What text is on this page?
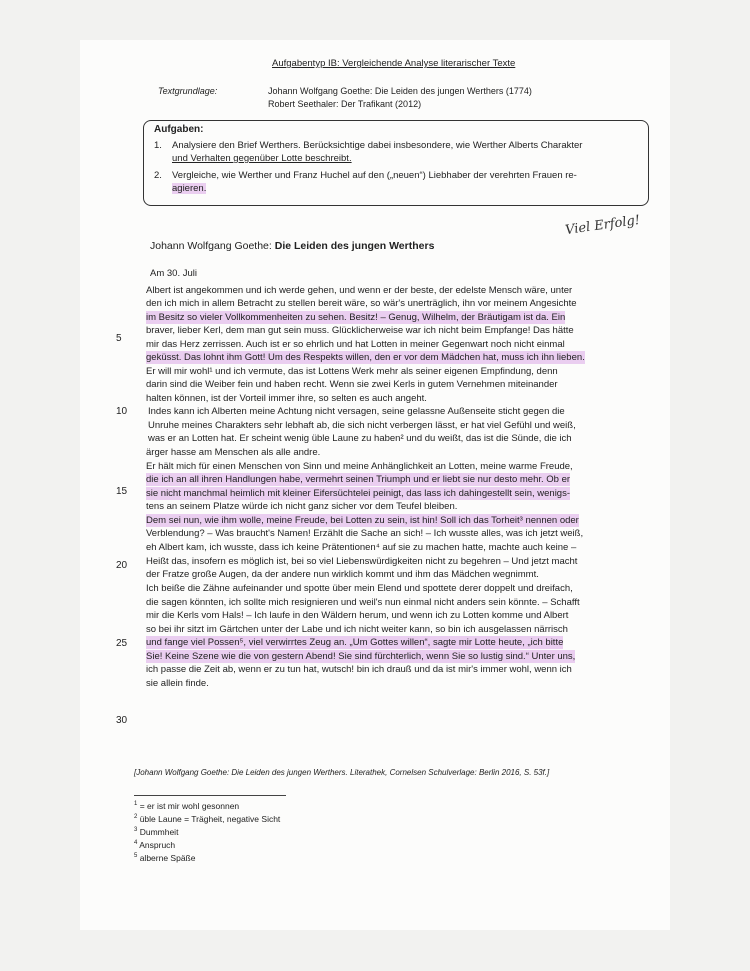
Aufgabentyp IB: Vergleichende Analyse literarischer Texte
Textgrundlage:	Johann Wolfgang Goethe: Die Leiden des jungen Werthers (1774)
Robert Seethaler: Der Trafikant (2012)
Aufgaben:
1. Analysiere den Brief Werthers. Berücksichtige dabei insbesondere, wie Werther Alberts Charakter
und Verhalten gegenüber Lotte beschreibt.
2. Vergleiche, wie Werther und Franz Huchel auf den („neuen“) Liebhaber der verehrten Frauen re-
agieren.
Viel Erfolg!
Johann Wolfgang Goethe: Die Leiden des jungen Werthers
Am 30. Juli
Albert ist angekommen und ich werde gehen, und wenn er der beste, der edelste Mensch wäre, unter
den ich mich in allem Betracht zu stellen bereit wäre, so wär's unerträglich, ihn vor meinem Angesichte
im Besitz so vieler Vollkommenheiten zu sehen. Besitz! – Genug, Wilhelm, der Bräutigam ist da. Ein
braver, lieber Kerl, dem man gut sein muss. Glücklicherweise war ich nicht beim Empfange! Das hätte
mir das Herz zerrissen. Auch ist er so ehrlich und hat Lotten in meiner Gegenwart noch nicht einmal
geküsst. Das lohnt ihm Gott! Um des Respekts willen, den er vor dem Mädchen hat, muss ich ihn lieben.
Er will mir wohl¹ und ich vermute, das ist Lottens Werk mehr als seiner eigenen Empfindung, denn
darin sind die Weiber fein und haben recht. Wenn sie zwei Kerls in gutem Vernehmen miteinander
halten können, ist der Vorteil immer ihre, so selten es auch angeht.
Indes kann ich Alberten meine Achtung nicht versagen, seine gelassne Außenseite sticht gegen die
Unruhe meines Charakters sehr lebhaft ab, die sich nicht verbergen lässt, er hat viel Gefühl und weiß,
was er an Lotten hat. Er scheint wenig üble Laune zu haben² und du weißt, das ist die Sünde, die ich
ärger hasse am Menschen als alle andre.
Er hält mich für einen Menschen von Sinn und meine Anhänglichkeit an Lotten, meine warme Freude,
die ich an all ihren Handlungen habe, vermehrt seinen Triumph und er liebt sie nur desto mehr. Ob er
sie nicht manchmal heimlich mit kleiner Eifersüchtelei peinigt, das lass ich dahingestellt sein, wenigs-
tens an seinem Platze würde ich nicht ganz sicher vor dem Teufel bleiben.
Dem sei nun, wie ihm wolle, meine Freude, bei Lotten zu sein, ist hin! Soll ich das Torheit³ nennen oder
Verblendung? – Was braucht's Namen! Erzählt die Sache an sich! – Ich wusste alles, was ich jetzt weiß,
eh Albert kam, ich wusste, dass ich keine Prätentionen⁴ auf sie zu machen hatte, machte auch keine –
Heißt das, insofern es möglich ist, bei so viel Liebenswürdigkeiten nicht zu begehren – Und jetzt macht
der Fratze große Augen, da der andere nun wirklich kommt und ihm das Mädchen wegnimmt.
Ich beiße die Zähne aufeinander und spotte über mein Elend und spottete derer doppelt und dreifach,
die sagen könnten, ich sollte mich resignieren und weil's nun einmal nicht anders sein könnte. – Schafft
mir die Kerls vom Hals! – Ich laufe in den Wäldern herum, und wenn ich zu Lotten komme und Albert
so bei ihr sitzt im Gärtchen unter der Labe und ich nicht weiter kann, so bin ich ausgelassen närrisch
und fange viel Possen⁵, viel verwirrtes Zeug an. „Um Gottes willen“, sagte mir Lotte heute, „ich bitte
Sie! Keine Szene wie die von gestern Abend! Sie sind fürchterlich, wenn Sie so lustig sind.“ Unter uns,
ich passe die Zeit ab, wenn er zu tun hat, wutsch! bin ich drauß und da ist mir's immer wohl, wenn ich
sie allein finde.
5
10
15
20
25
30
[Johann Wolfgang Goethe: Die Leiden des jungen Werthers. Literathek, Cornelsen Schulverlage: Berlin 2016, S. 53f.]
$^1$ = er ist mir wohl gesonnen
$^2$ üble Laune = Trägheit, negative Sicht
$^3$ Dummheit
$^4$ Anspruch
$^5$ alberne Späße
